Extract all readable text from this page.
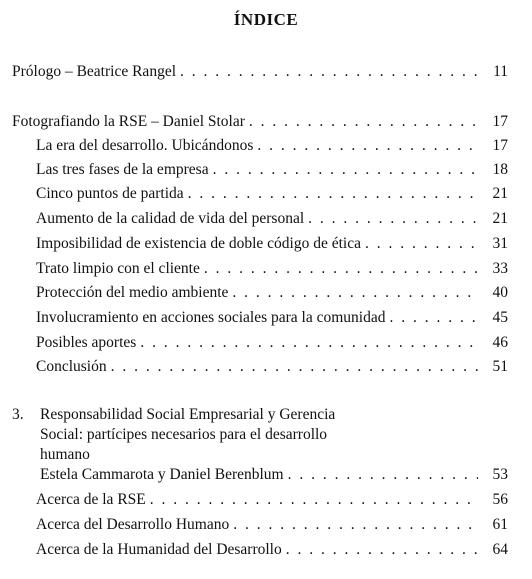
ÍNDICE
Prólogo – Beatrice Rangel . . .	11
Fotografiando la RSE – Daniel Stolar . . .	17
La era del desarrollo. Ubicándonos . . .	17
Las tres fases de la empresa . . .	18
Cinco puntos de partida . . .	21
Aumento de la calidad de vida del personal . . .	21
Imposibilidad de existencia de doble código de ética . . .	31
Trato limpio con el cliente . . .	33
Protección del medio ambiente . . .	40
Involucramiento en acciones sociales para la comunidad . . .	45
Posibles aportes . . .	46
Conclusión . . .	51
3. Responsabilidad Social Empresarial y Gerencia
Social: partícipes necesarios para el desarrollo
humano
Estela Cammarota y Daniel Berenblum . . .	53
Acerca de la RSE . . .	56
Acerca del Desarrollo Humano . . .	61
Acerca de la Humanidad del Desarrollo . . .	64
